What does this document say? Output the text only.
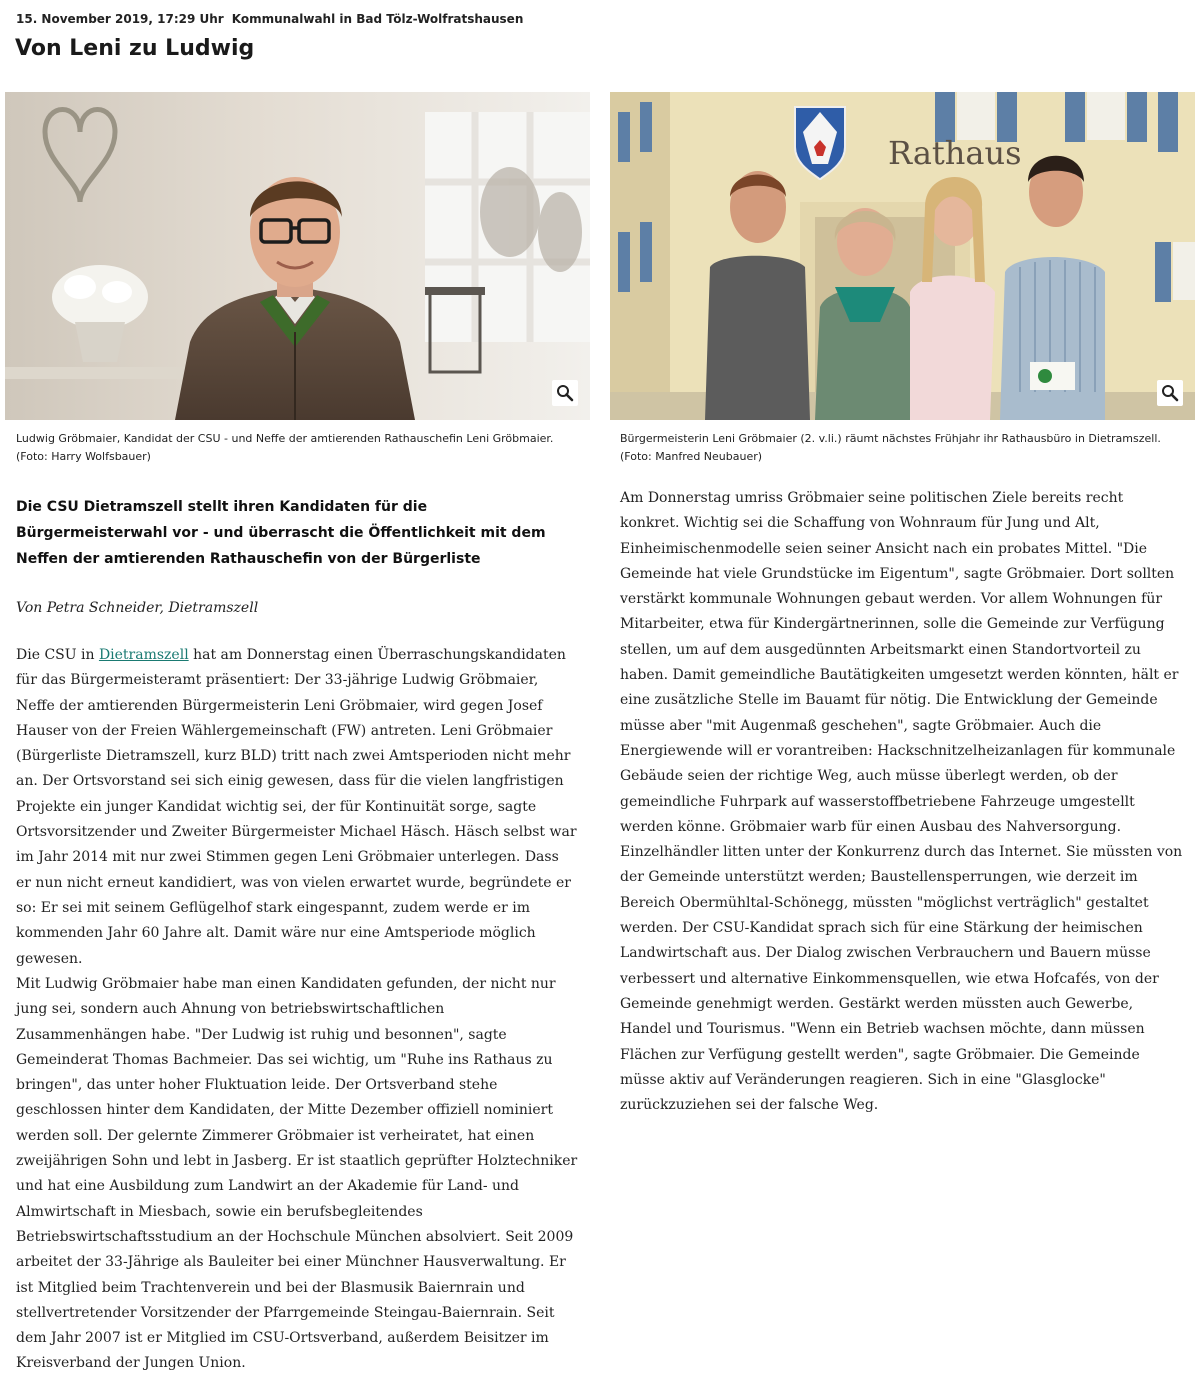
15. November 2019, 17:29 Uhr Kommunalwahl in Bad Tölz-Wolfratshausen
Von Leni zu Ludwig
Rathaus
Ludwig Gröbmaier, Kandidat der CSU - und Neffe der amtierenden Rathauschefin Leni Gröbmaier. (Foto: Harry Wolfsbauer)
Bürgermeisterin Leni Gröbmaier (2. v.li.) räumt nächstes Frühjahr ihr Rathausbüro in Dietramszell. (Foto: Manfred Neubauer)

Die CSU Dietramszell stellt ihren Kandidaten für die Bürgermeisterwahl vor - und überrascht die Öffentlichkeit mit dem Neffen der amtierenden Rathauschefin von der Bürgerliste

Von Petra Schneider, Dietramszell

Die CSU in Dietramszell hat am Donnerstag einen Überraschungskandidaten für das Bürgermeisteramt präsentiert: Der 33-jährige Ludwig Gröbmaier, Neffe der amtierenden Bürgermeisterin Leni Gröbmaier, wird gegen Josef Hauser von der Freien Wählergemeinschaft (FW) antreten. Leni Gröbmaier (Bürgerliste Dietramszell, kurz BLD) tritt nach zwei Amtsperioden nicht mehr an. Der Ortsvorstand sei sich einig gewesen, dass für die vielen langfristigen Projekte ein junger Kandidat wichtig sei, der für Kontinuität sorge, sagte Ortsvorsitzender und Zweiter Bürgermeister Michael Häsch. Häsch selbst war im Jahr 2014 mit nur zwei Stimmen gegen Leni Gröbmaier unterlegen. Dass er nun nicht erneut kandidiert, was von vielen erwartet wurde, begründete er so: Er sei mit seinem Geflügelhof stark eingespannt, zudem werde er im kommenden Jahr 60 Jahre alt. Damit wäre nur eine Amtsperiode möglich gewesen.

Mit Ludwig Gröbmaier habe man einen Kandidaten gefunden, der nicht nur jung sei, sondern auch Ahnung von betriebswirtschaftlichen Zusammenhängen habe. "Der Ludwig ist ruhig und besonnen", sagte Gemeinderat Thomas Bachmeier. Das sei wichtig, um "Ruhe ins Rathaus zu bringen", das unter hoher Fluktuation leide. Der Ortsverband stehe geschlossen hinter dem Kandidaten, der Mitte Dezember offiziell nominiert werden soll. Der gelernte Zimmerer Gröbmaier ist verheiratet, hat einen zweijährigen Sohn und lebt in Jasberg. Er ist staatlich geprüfter Holztechniker und hat eine Ausbildung zum Landwirt an der Akademie für Land- und Almwirtschaft in Miesbach, sowie ein berufsbegleitendes Betriebswirtschaftsstudium an der Hochschule München absolviert. Seit 2009 arbeitet der 33-Jährige als Bauleiter bei einer Münchner Hausverwaltung. Er ist Mitglied beim Trachtenverein und bei der Blasmusik Baiernrain und stellvertretender Vorsitzender der Pfarrgemeinde Steingau-Baiernrain. Seit dem Jahr 2007 ist er Mitglied im CSU-Ortsverband, außerdem Beisitzer im Kreisverband der Jungen Union.

Am Donnerstag umriss Gröbmaier seine politischen Ziele bereits recht konkret. Wichtig sei die Schaffung von Wohnraum für Jung und Alt, Einheimischenmodelle seien seiner Ansicht nach ein probates Mittel. "Die Gemeinde hat viele Grundstücke im Eigentum", sagte Gröbmaier. Dort sollten verstärkt kommunale Wohnungen gebaut werden. Vor allem Wohnungen für Mitarbeiter, etwa für Kindergärtnerinnen, solle die Gemeinde zur Verfügung stellen, um auf dem ausgedünnten Arbeitsmarkt einen Standortvorteil zu haben. Damit gemeindliche Bautätigkeiten umgesetzt werden könnten, hält er eine zusätzliche Stelle im Bauamt für nötig. Die Entwicklung der Gemeinde müsse aber "mit Augenmaß geschehen", sagte Gröbmaier. Auch die Energiewende will er vorantreiben: Hackschnitzelheizanlagen für kommunale Gebäude seien der richtige Weg, auch müsse überlegt werden, ob der gemeindliche Fuhrpark auf wasserstoffbetriebene Fahrzeuge umgestellt werden könne. Gröbmaier warb für einen Ausbau des Nahversorgung. Einzelhändler litten unter der Konkurrenz durch das Internet. Sie müssten von der Gemeinde unterstützt werden; Baustellensperrungen, wie derzeit im Bereich Obermühltal-Schönegg, müssten "möglichst verträglich" gestaltet werden. Der CSU-Kandidat sprach sich für eine Stärkung der heimischen Landwirtschaft aus. Der Dialog zwischen Verbrauchern und Bauern müsse verbessert und alternative Einkommensquellen, wie etwa Hofcafés, von der Gemeinde genehmigt werden. Gestärkt werden müssten auch Gewerbe, Handel und Tourismus. "Wenn ein Betrieb wachsen möchte, dann müssen Flächen zur Verfügung gestellt werden", sagte Gröbmaier. Die Gemeinde müsse aktiv auf Veränderungen reagieren. Sich in eine "Glasglocke" zurückzuziehen sei der falsche Weg.
